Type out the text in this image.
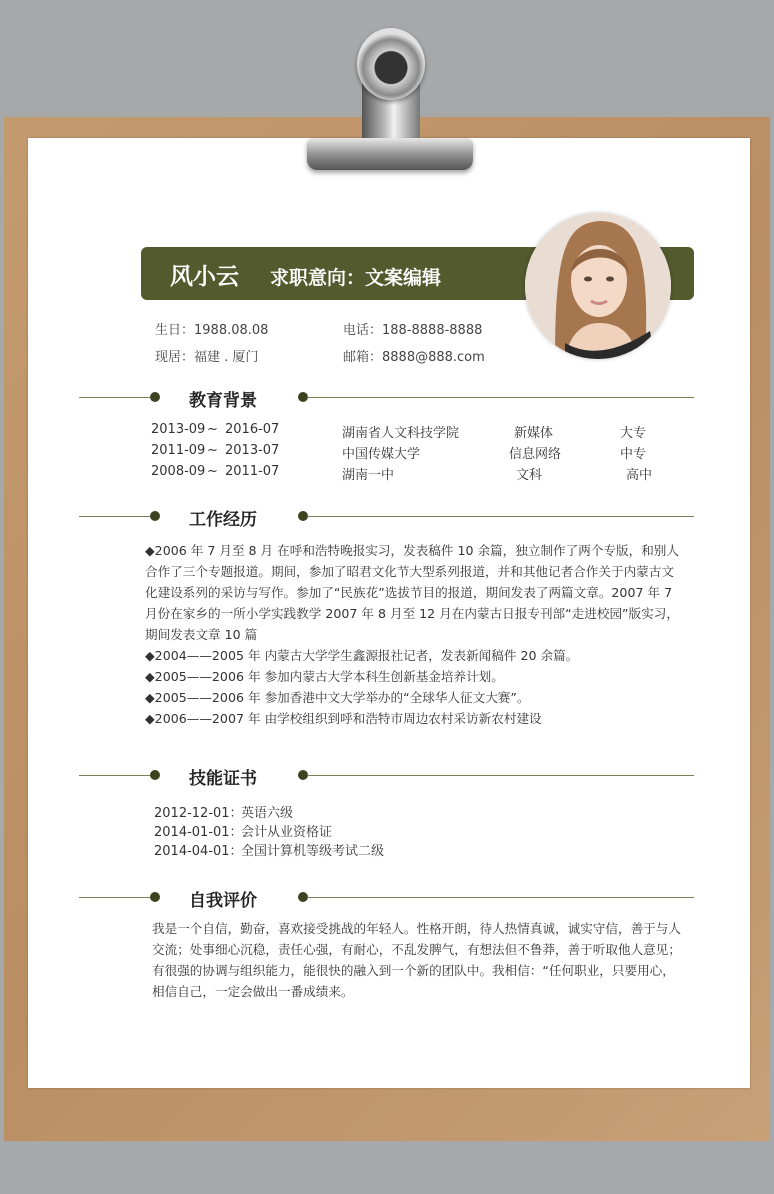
风小云 求职意向：文案编辑
生日：1988.08.08	电话：188-8888-8888
现居：福建 . 厦门	邮箱：8888@888.com
教育背景
2013-09 ~ 2016-07	湖南省人文科技学院	新媒体	大专
2011-09 ~ 2013-07	中国传媒大学	信息网络	中专
2008-09 ~ 2011-07	湖南一中	文科	高中
工作经历

◆2006 年 7 月至 8 月 在呼和浩特晚报实习，发表稿件 10 余篇，独立制作了两个专版，和别人

合作了三个专题报道。期间，参加了昭君文化节大型系列报道，并和其他记者合作关于内蒙古文

化建设系列的采访与写作。参加了“民族花”选拔节目的报道，期间发表了两篇文章。2007 年 7

月份在家乡的一所小学实践教学 2007 年 8 月至 12 月在内蒙古日报专刊部“走进校园”版实习，

期间发表文章 10 篇

◆2004——2005 年 内蒙古大学学生鑫源报社记者，发表新闻稿件 20 余篇。

◆2005——2006 年 参加内蒙古大学本科生创新基金培养计划。

◆2005——2006 年 参加香港中文大学举办的“全球华人征文大赛”。

◆2006——2007 年 由学校组织到呼和浩特市周边农村采访新农村建设

技能证书
2012-12-01：
英语六级
2014-01-01：
会计从业资格证
2014-04-01：
全国计算机等级考试二级
自我评价

我是一个自信，勤奋，喜欢接受挑战的年轻人。性格开朗，待人热情真诚，诚实守信，善于与人

交流；处事细心沉稳，责任心强，有耐心，不乱发脾气，有想法但不鲁莽，善于听取他人意见；

有很强的协调与组织能力，能很快的融入到一个新的团队中。我相信：“任何职业，只要用心，

相信自己，一定会做出一番成绩来。
